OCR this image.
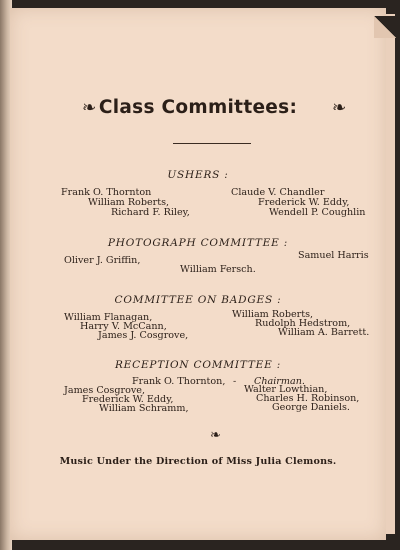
❧ Class Committees:	❧
USHERS :
Frank O. Thornton
William Roberts,
Richard F. Riley,
Claude V. Chandler
Frederick W. Eddy,
Wendell P. Coughlin
PHOTOGRAPH COMMITTEE :
Oliver J. Griffin,	Samuel Harris
William Fersch.
COMMITTEE ON BADGES :
William Flanagan,
Harry V. McCann,
James J. Cosgrove,
William Roberts,
Rudolph Hedstrom,
William A. Barrett.
RECEPTION COMMITTEE :
Frank O. Thornton, - Chairman.
James Cosgrove,
Frederick W. Eddy,
William Schramm,
Walter Lowthian,
Charles H. Robinson,
George Daniels.
❧
Music Under the Direction of Miss Julia Clemons.
